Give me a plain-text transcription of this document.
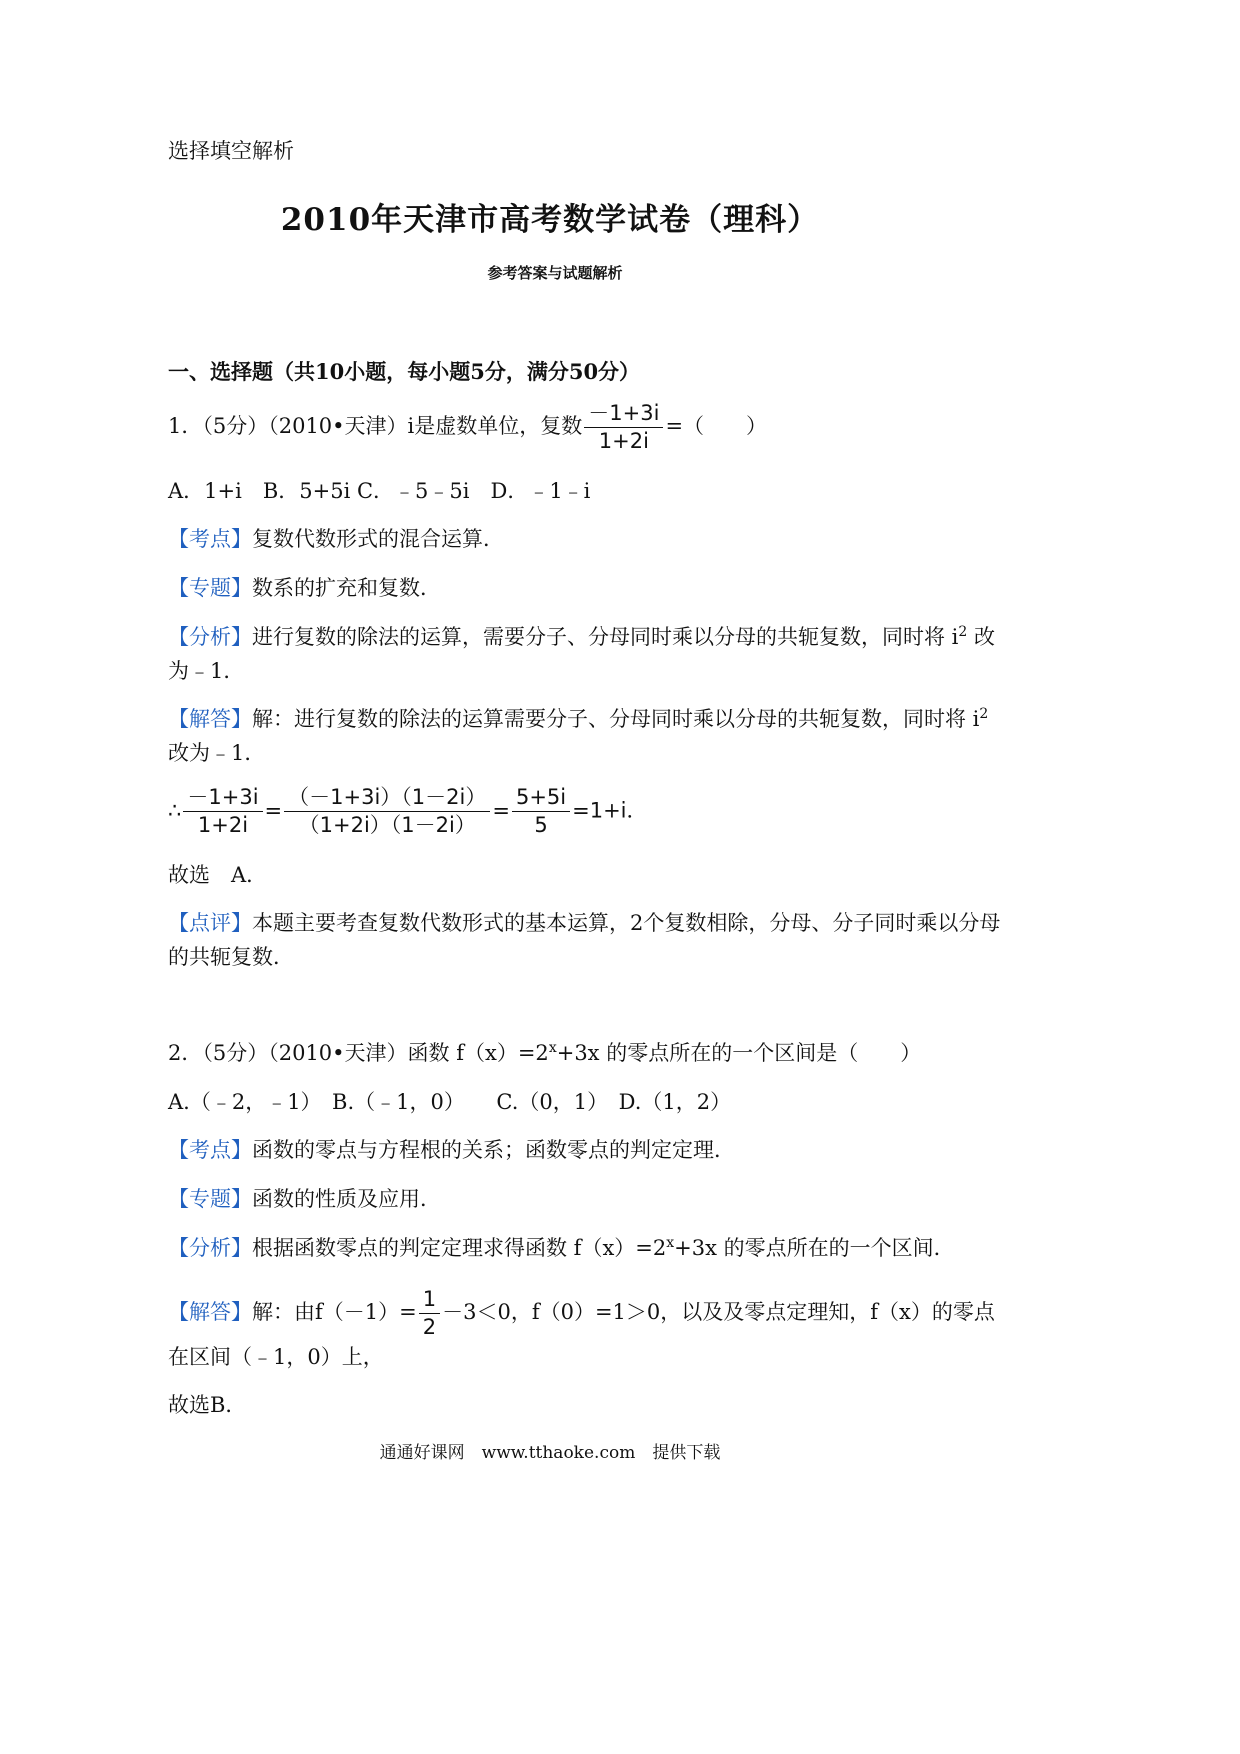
选择填空解析
2010年天津市高考数学试卷（理科）
参考答案与试题解析
一、选择题（共10小题，每小题5分，满分50分）
1．（5分）（2010•天津）i是虚数单位，复数 $\frac{-1+3i}{1+2i}$ =（　　）
A．1+i　B．5+5i C．﹣5﹣5i　D．﹣1﹣i
【考点】复数代数形式的混合运算．
【专题】数系的扩充和复数．
【分析】进行复数的除法的运算，需要分子、分母同时乘以分母的共轭复数，同时将 $i^2$ 改
为﹣1．
【解答】解：进行复数的除法的运算需要分子、分母同时乘以分母的共轭复数，同时将 $i^2$
改为﹣1．
∴ $\frac{-1+3i}{1+2i} = \frac{(-1+3i)(1-2i)}{(1+2i)(1-2i)} = \frac{5+5i}{5} =1+i$．
故选　A．
【点评】本题主要考查复数代数形式的基本运算，2个复数相除，分母、分子同时乘以分母
的共轭复数．
2．（5分）（2010•天津）函数 $f(x)=2^x+3x$ 的零点所在的一个区间是（　　）
A.（﹣2，﹣1）　B.（﹣1，0）　　C.（0，1）　D.（1，2）
【考点】函数的零点与方程根的关系；函数零点的判定定理．
【专题】函数的性质及应用．
【分析】根据函数零点的判定定理求得函数 $f(x)=2^x+3x$ 的零点所在的一个区间．
【解答】解：由$f(-1)= \frac{1}{2} -3<0$，f（0）=1＞0，以及及零点定理知，f（x）的零点
在区间（﹣1，0）上，
故选B．
通通好课网　www.tthaoke.com　提供下载
